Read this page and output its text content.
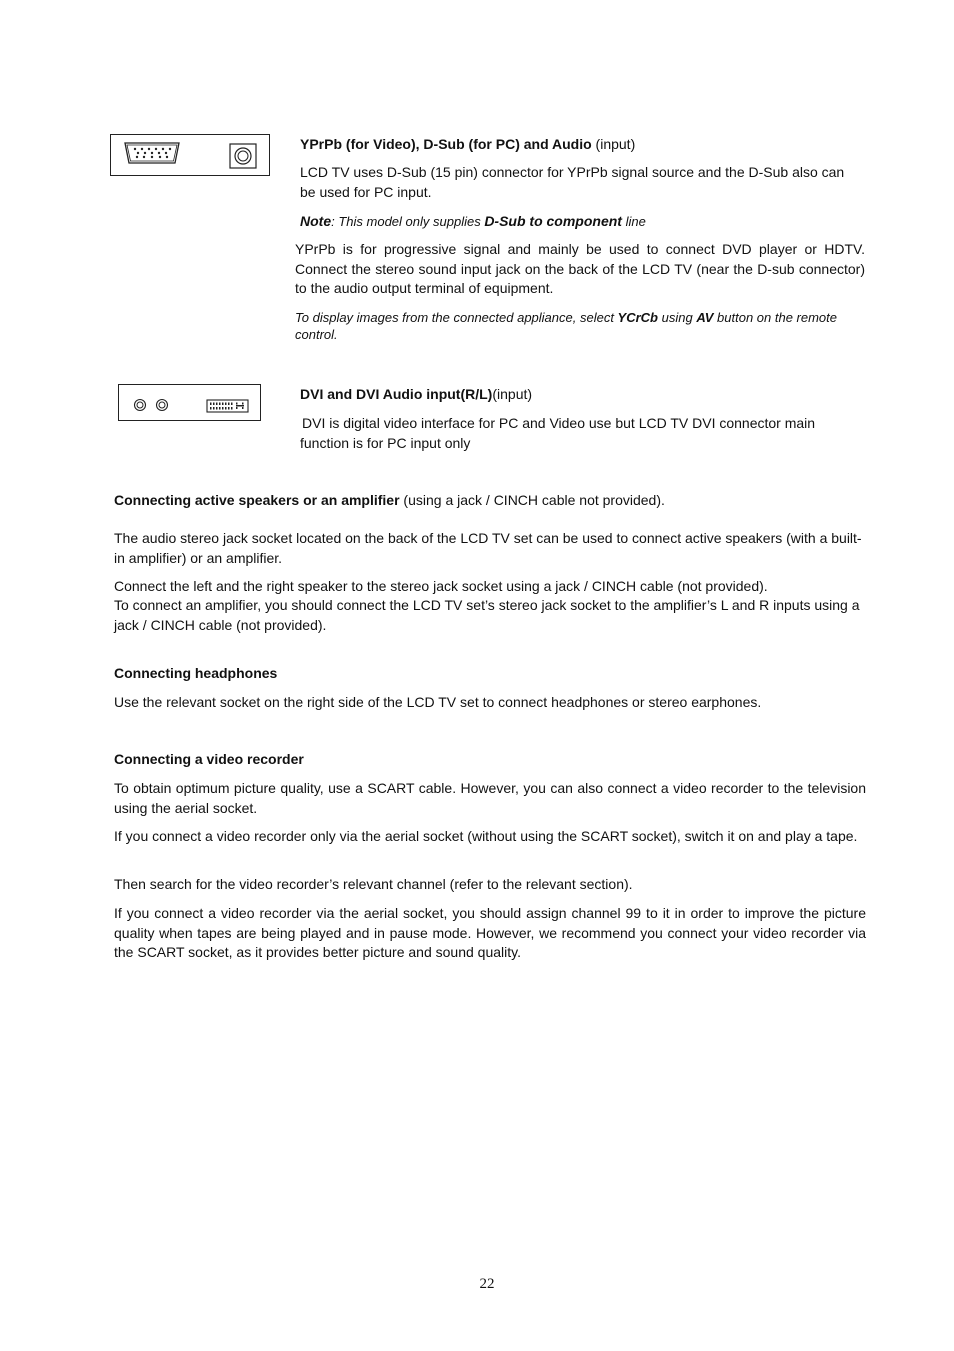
YPrPb (for Video), D-Sub (for PC) and Audio (input)

LCD TV uses D-Sub (15 pin) connector for YPrPb signal source and the D-Sub also can be used for PC input.

Note: This model only supplies D-Sub to component line

YPrPb is for progressive signal and mainly be used to connect DVD player or HDTV. Connect the stereo sound input jack on the back of the LCD TV (near the D-sub connector) to the audio output terminal of equipment.

To display images from the connected appliance, select YCrCb using AV button on the remote control.

DVI and DVI Audio input(R/L)(input)

DVI is digital video interface for PC and Video use but LCD TV DVI connector main function is for PC input only

Connecting active speakers or an amplifier (using a jack / CINCH cable not provided).

The audio stereo jack socket located on the back of the LCD TV set can be used to connect active speakers (with a built-in amplifier) or an amplifier.

Connect the left and the right speaker to the stereo jack socket using a jack / CINCH cable (not provided).

To connect an amplifier, you should connect the LCD TV set’s stereo jack socket to the amplifier’s L and R inputs using a jack / CINCH cable (not provided).

Connecting headphones

Use the relevant socket on the right side of the LCD TV set to connect headphones or stereo earphones.

Connecting a video recorder

To obtain optimum picture quality, use a SCART cable. However, you can also connect a video recorder to the television using the aerial socket.

If you connect a video recorder only via the aerial socket (without using the SCART socket), switch it on and play a tape.

Then search for the video recorder’s relevant channel (refer to the relevant section).

If you connect a video recorder via the aerial socket, you should assign channel 99 to it in order to improve the picture quality when tapes are being played and in pause mode. However, we recommend you connect your video recorder via the SCART socket, as it provides better picture and sound quality.

22
